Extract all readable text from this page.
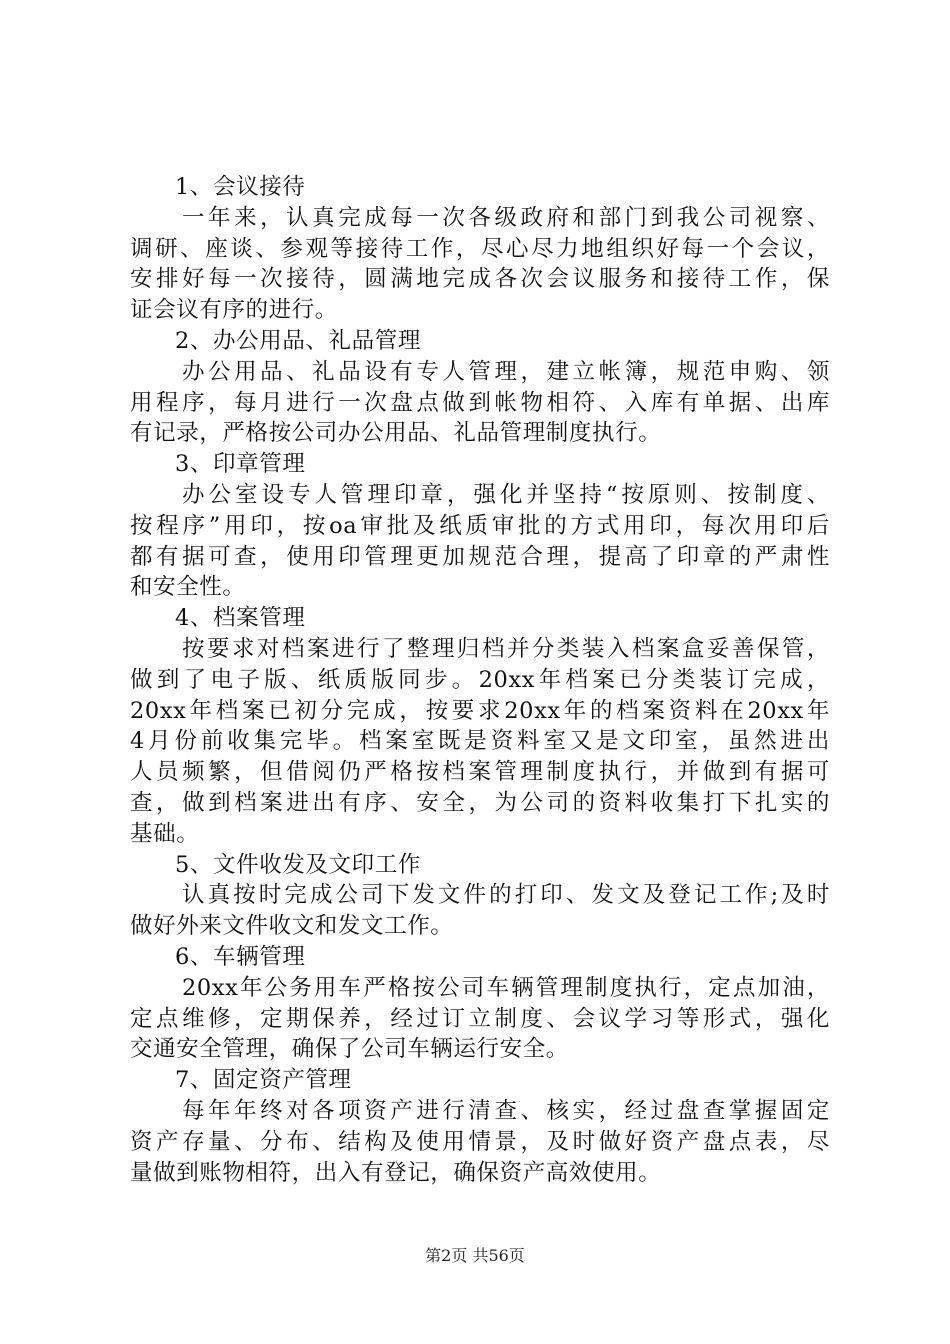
1、会议接待
一年来，认真完成每一次各级政府和部门到我公司视察、
调研、座谈、参观等接待工作，尽心尽力地组织好每一个会议，
安排好每一次接待，圆满地完成各次会议服务和接待工作，保
证会议有序的进行。
2、办公用品、礼品管理
办公用品、礼品设有专人管理，建立帐簿，规范申购、领
用程序，每月进行一次盘点做到帐物相符、入库有单据、出库
有记录，严格按公司办公用品、礼品管理制度执行。
3、印章管理
办公室设专人管理印章，强化并坚持“按原则、按制度、
按程序”用印，按oa审批及纸质审批的方式用印，每次用印后
都有据可查，使用印管理更加规范合理，提高了印章的严肃性
和安全性。
4、档案管理
按要求对档案进行了整理归档并分类装入档案盒妥善保管，
做到了电子版、纸质版同步。20xx年档案已分类装订完成，
20xx年档案已初分完成，按要求20xx年的档案资料在20xx年
4月份前收集完毕。档案室既是资料室又是文印室，虽然进出
人员频繁，但借阅仍严格按档案管理制度执行，并做到有据可
查，做到档案进出有序、安全，为公司的资料收集打下扎实的
基础。
5、文件收发及文印工作
认真按时完成公司下发文件的打印、发文及登记工作;及时
做好外来文件收文和发文工作。
6、车辆管理
20xx年公务用车严格按公司车辆管理制度执行，定点加油，
定点维修，定期保养，经过订立制度、会议学习等形式，强化
交通安全管理，确保了公司车辆运行安全。
7、固定资产管理
每年年终对各项资产进行清查、核实，经过盘查掌握固定
资产存量、分布、结构及使用情景，及时做好资产盘点表，尽
量做到账物相符，出入有登记，确保资产高效使用。
第2页 共56页
